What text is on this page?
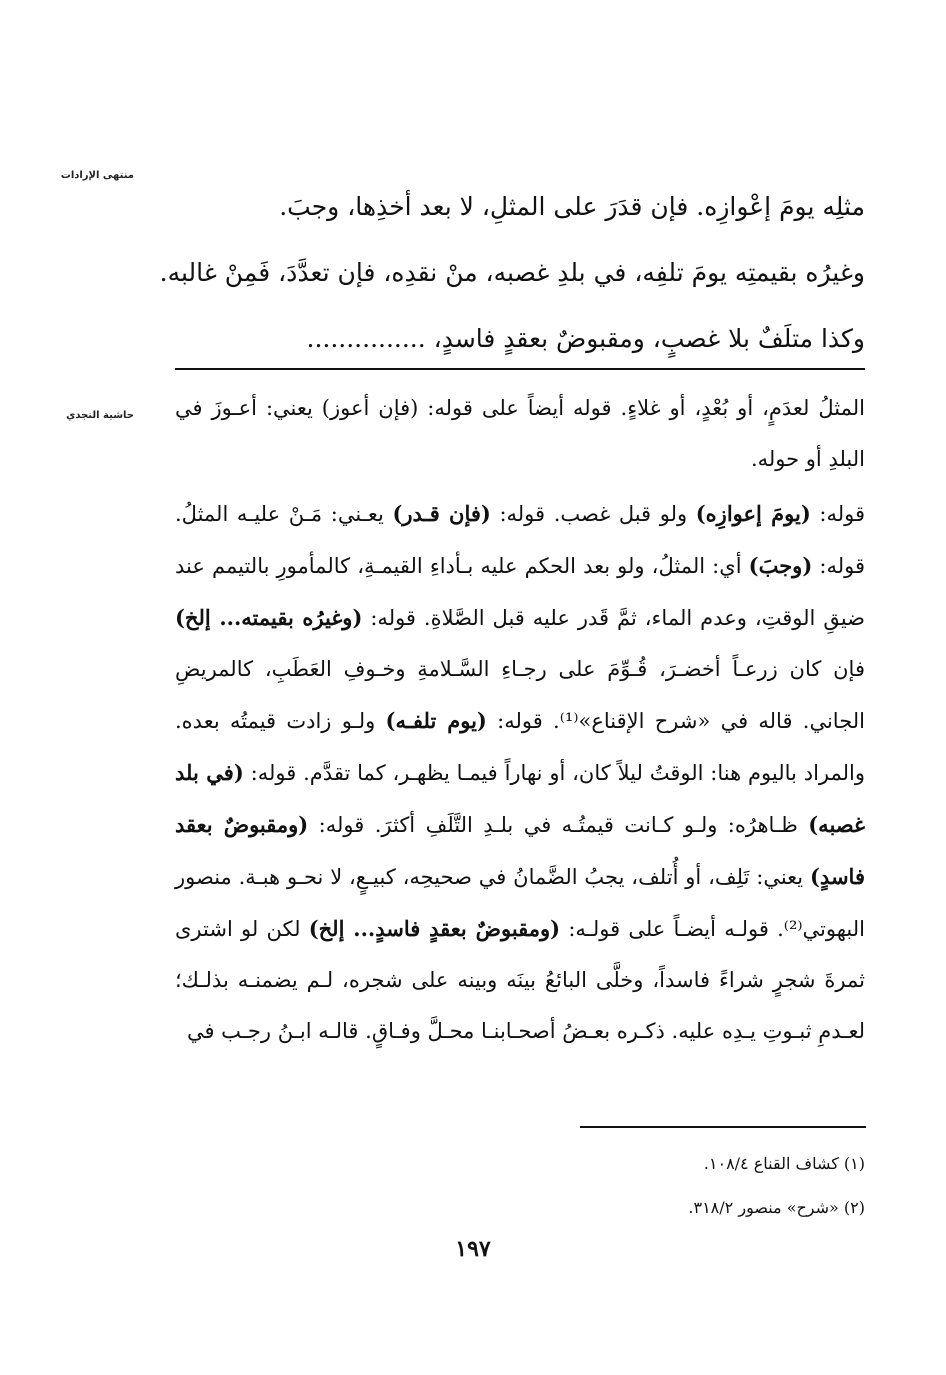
منتهى الإرادات
حاشية النجدي
مثلِه يومَ إعْوازِه. فإن قدَرَ على المثلِ، لا بعد أخذِها، وجبَ.
وغيرُه بقيمتِه يومَ تلفِه، في بلدِ غصبه، منْ نقدِه، فإن تعدَّدَ، فَمِنْ غالبه.
وكذا متلَفٌ بلا غصبٍ، ومقبوضٌ بعقدٍ فاسدٍ، ...............

المثلُ لعدَمٍ، أو بُعْدٍ، أو غلاءٍ. قوله أيضاً على قوله: (فإن أعوز) يعني: أعـوزَ في البلدِ أو حوله.

قوله: (يومَ إعوازِه) ولو قبل غصب. قوله: (فإن قـدر) يعـني: مَـنْ عليـه المثلُ. قوله: (وجبَ) أي: المثلُ، ولو بعد الحكم عليه بـأداءِ القيمـةِ، كالمأمورِ بالتيمم عند ضيقِ الوقتِ، وعدم الماء، ثمَّ قَدر عليه قبل الصَّلاةِ. قوله: (وغيرُه بقيمته... إلخ) فإن كان زرعـاً أخضـرَ، قُـوِّمَ على رجـاءِ السَّـلامةِ وخـوفِ العَطَبِ، كالمريضِ الجاني. قاله في «شرح الإقناع»⁽¹⁾. قوله: (يوم تلفـه) ولـو زادت قيمتُه بعده. والمراد باليوم هنا: الوقتُ ليلاً كان، أو نهاراً فيمـا يظهـر، كما تقدَّم. قوله: (في بلد غصبه) ظـاهرُه: ولـو كـانت قيمتُـه في بلـدِ التَّلَفِ أكثرَ. قوله: (ومقبوضٌ بعقد فاسدٍ) يعني: تَلِف، أو أُتلف، يجبُ الضَّمانُ في صحيحِه، كبيـعٍ، لا نحـو هبـة. منصور البهوتي⁽²⁾. قولـه أيضـاً على قولـه: (ومقبوضٌ بعقدٍ فاسدٍ... إلخ) لكن لو اشترى ثمرةَ شجرٍ شراءً فاسداً، وخلَّى البائعُ بينَه وبينه على شجره، لـم يضمنـه بذلـك؛ لعـدمِ ثبـوتِ يـدِه عليه. ذكـره بعـضُ أصحـابنـا محـلَّ وفـاقٍ. قالـه ابـنُ رجـب في

(١) كشاف القناع ١٠٨/٤.
(٢) «شرح» منصور ٣١٨/٢.
١٩٧
